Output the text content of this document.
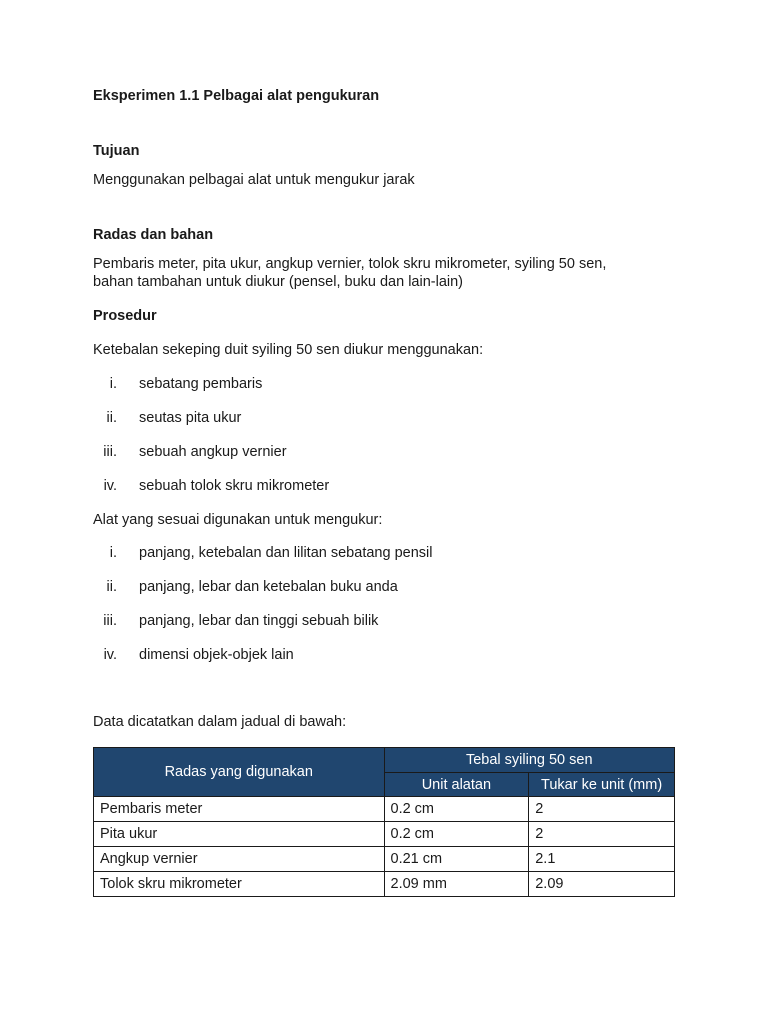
Eksperimen 1.1 Pelbagai alat pengukuran
Tujuan
Menggunakan pelbagai alat untuk mengukur jarak
Radas dan bahan
Pembaris meter, pita ukur, angkup vernier, tolok skru mikrometer, syiling 50 sen,
bahan tambahan untuk diukur (pensel, buku dan lain-lain)
Prosedur
Ketebalan sekeping duit syiling 50 sen diukur menggunakan:
i. sebatang pembaris
ii. seutas pita ukur
iii. sebuah angkup vernier
iv. sebuah tolok skru mikrometer
Alat yang sesuai digunakan untuk mengukur:
i. panjang, ketebalan dan lilitan sebatang pensil
ii. panjang, lebar dan ketebalan buku anda
iii. panjang, lebar dan tinggi sebuah bilik
iv. dimensi objek-objek lain
Data dicatatkan dalam jadual di bawah:
Radas yang digunakan	Tebal syiling 50 sen	
	Unit alatan	Tukar ke unit (mm)
Pembaris meter	0.2 cm	2
Pita ukur	0.2 cm	2
Angkup vernier	0.21 cm	2.1
Tolok skru mikrometer	2.09 mm	2.09
